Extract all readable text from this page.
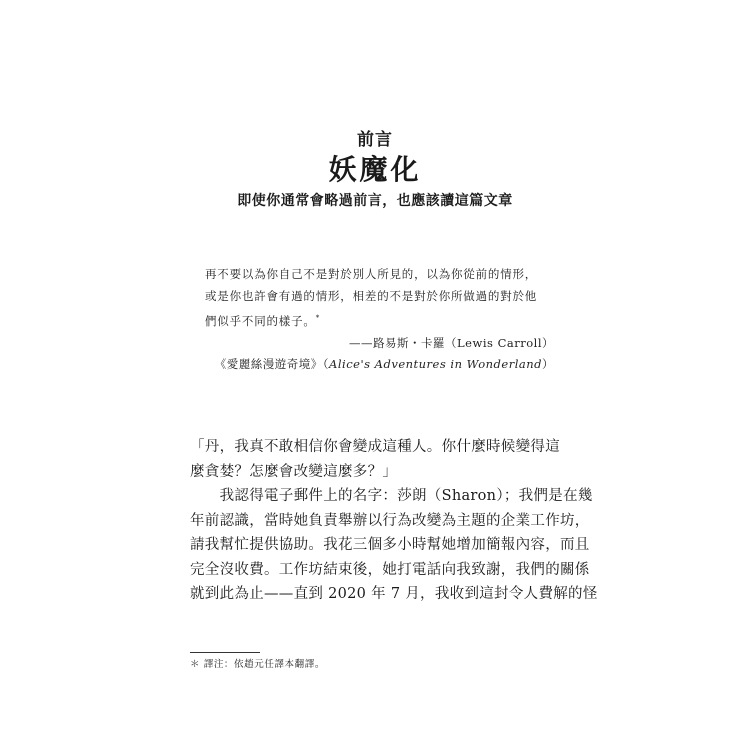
前言
妖魔化
即使你通常會略過前言，也應該讀這篇文章
再不要以為你自己不是對於別人所見的，以為你從前的情形，
或是你也許會有過的情形，相差的不是對於你所做過的對於他
們似乎不同的樣子。*
——路易斯・卡羅（Lewis Carroll）
《愛麗絲漫遊奇境》（Alice's Adventures in Wonderland）
「丹，我真不敢相信你會變成這種人。你什麼時候變得這
麼貪婪？怎麼會改變這麼多？」
　　我認得電子郵件上的名字：莎朗（Sharon）；我們是在幾
年前認識，當時她負責舉辦以行為改變為主題的企業工作坊，
請我幫忙提供協助。我花三個多小時幫她增加簡報內容，而且
完全沒收費。工作坊結束後，她打電話向我致謝，我們的關係
就到此為止——直到 2020 年 7 月，我收到這封令人費解的怪
＊ 譯注：依趙元任譯本翻譯。
